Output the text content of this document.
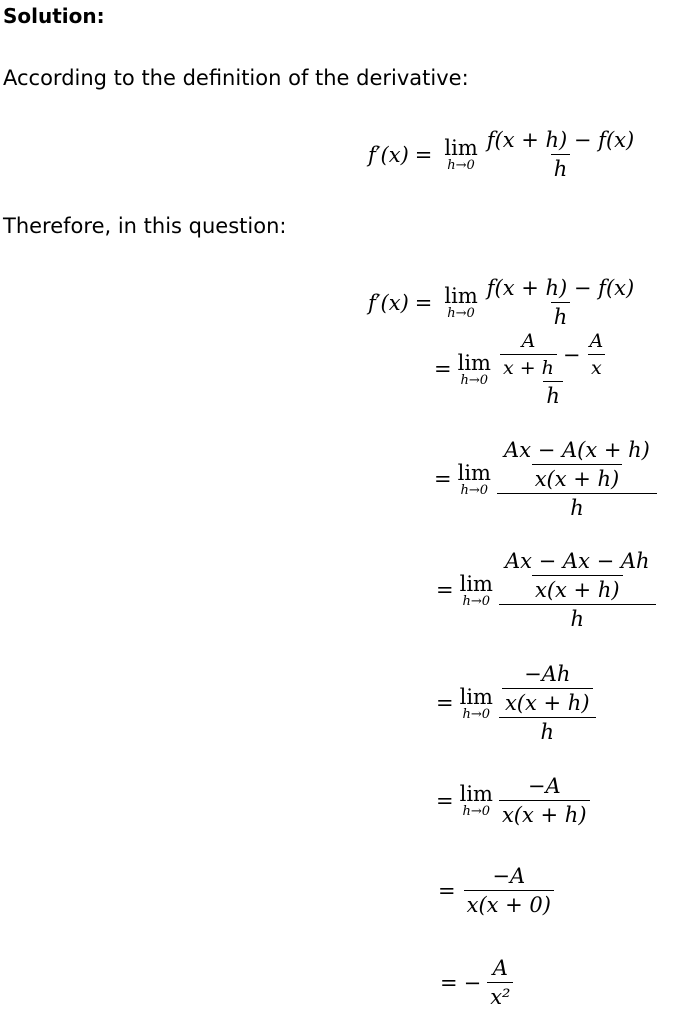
Solution:
According to the definition of the derivative:
f′(x) = lim
$h\to 0 \frac{f(x + h) - f(x)}{h}$
Therefore, in this question:
f′(x) = lim
$h\to 0 \frac{f(x + h) - f(x)}{h}$
= lim
$h\to 0 \frac{\frac{A}{x + h} - \frac{A}{x}}{h}$
= lim
$h\to 0 \frac{\frac{Ax - A(x + h)}{x(x + h)}}{h}$
= lim
$h\to 0 \frac{\frac{Ax - Ax - Ah}{x(x + h)}}{h}$
= lim
$h\to 0 \frac{\frac{-Ah}{x(x + h)}}{h}$
= lim
$h\to 0 \frac{-A}{x(x + h)}$
= $\frac{-A}{x(x + 0)}$
= − $\frac{A}{\text{x²}}$
